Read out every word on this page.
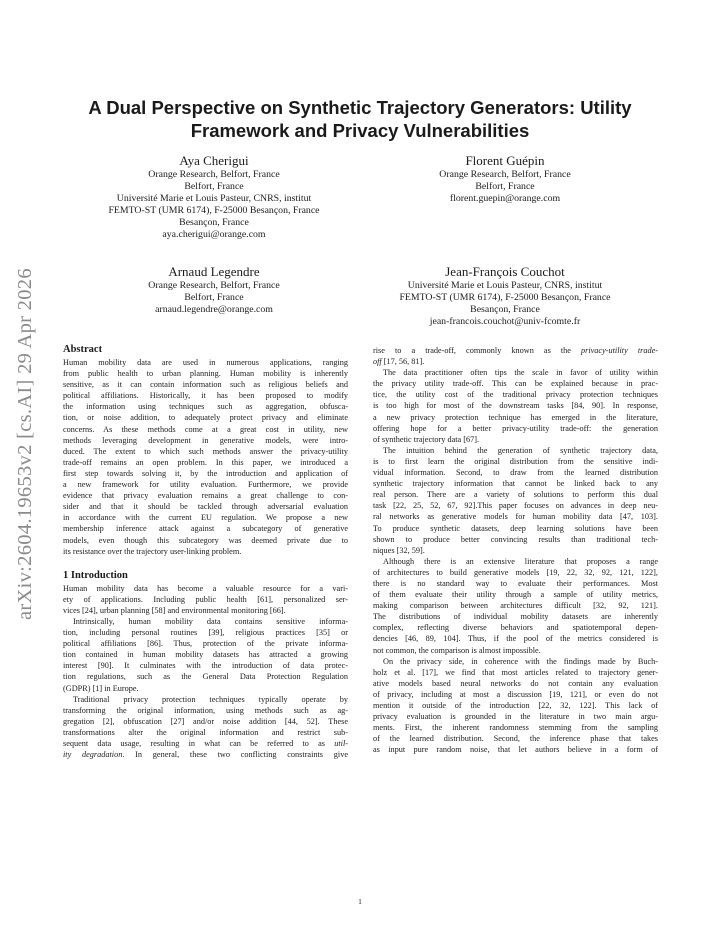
A Dual Perspective on Synthetic Trajectory Generators: Utility
Framework and Privacy Vulnerabilities
Aya Cherigui
Orange Research, Belfort, France
Belfort, France
Université Marie et Louis Pasteur, CNRS, institut
FEMTO-ST (UMR 6174), F-25000 Besançon, France
Besançon, France
aya.cherigui@orange.com
Florent Guépin
Orange Research, Belfort, France
Belfort, France
florent.guepin@orange.com
Arnaud Legendre
Orange Research, Belfort, France
Belfort, France
arnaud.legendre@orange.com
Jean-François Couchot
Université Marie et Louis Pasteur, CNRS, institut
FEMTO-ST (UMR 6174), F-25000 Besançon, France
Besançon, France
jean-francois.couchot@univ-fcomte.fr
arXiv:2604.19653v2 [cs.AI] 29 Apr 2026	Abstract
Human mobility data are used in numerous applications, ranging
from public health to urban planning. Human mobility is inherently
sensitive, as it can contain information such as religious beliefs and
political affiliations. Historically, it has been proposed to modify
the information using techniques such as aggregation, obfusca-
tion, or noise addition, to adequately protect privacy and eliminate
concerns. As these methods come at a great cost in utility, new
methods leveraging development in generative models, were intro-
duced. The extent to which such methods answer the privacy-utility
trade-off remains an open problem. In this paper, we introduced a
first step towards solving it, by the introduction and application of
a new framework for utility evaluation. Furthermore, we provide
evidence that privacy evaluation remains a great challenge to con-
sider and that it should be tackled through adversarial evaluation
in accordance with the current EU regulation. We propose a new
membership inference attack against a subcategory of generative
models, even though this subcategory was deemed private due to
its resistance over the trajectory user-linking problem.
1 Introduction
Human mobility data has become a valuable resource for a vari-
ety of applications. Including public health [61], personalized ser-
vices [24], urban planning [58] and environmental monitoring [66].
Intrinsically, human mobility data contains sensitive informa-
tion, including personal routines [39], religious practices [35] or
political affiliations [86]. Thus, protection of the private informa-
tion contained in human mobility datasets has attracted a growing
interest [90]. It culminates with the introduction of data protec-
tion regulations, such as the General Data Protection Regulation
(GDPR) [1] in Europe.
Traditional privacy protection techniques typically operate by
transforming the original information, using methods such as ag-
gregation [2], obfuscation [27] and/or noise addition [44, 52]. These
transformations alter the original information and restrict sub-
sequent data usage, resulting in what can be referred to as util-
ity degradation. In general, these two conflicting constraints give
rise to a trade-off, commonly known as the privacy-utility trade-
off [17, 56, 81].
The data practitioner often tips the scale in favor of utility within
the privacy utility trade-off. This can be explained because in prac-
tice, the utility cost of the traditional privacy protection techniques
is too high for most of the downstream tasks [84, 90]. In response,
a new privacy protection technique has emerged in the literature,
offering hope for a better privacy-utility trade-off: the generation
of synthetic trajectory data [67].
The intuition behind the generation of synthetic trajectory data,
is to first learn the original distribution from the sensitive indi-
vidual information. Second, to draw from the learned distribution
synthetic trajectory information that cannot be linked back to any
real person. There are a variety of solutions to perform this dual
task [22, 25, 52, 67, 92].This paper focuses on advances in deep neu-
ral networks as generative models for human mobility data [47, 103].
To produce synthetic datasets, deep learning solutions have been
shown to produce better convincing results than traditional tech-
niques [32, 59].
Although there is an extensive literature that proposes a range
of architectures to build generative models [19, 22, 32, 92, 121, 122],
there is no standard way to evaluate their performances. Most
of them evaluate their utility through a sample of utility metrics,
making comparison between architectures difficult [32, 92, 121].
The distributions of individual mobility datasets are inherently
complex, reflecting diverse behaviors and spatiotemporal depen-
dencies [46, 89, 104]. Thus, if the pool of the metrics considered is
not common, the comparison is almost impossible.
On the privacy side, in coherence with the findings made by Buch-
holz et al. [17], we find that most articles related to trajectory gener-
ative models based neural networks do not contain any evaluation
of privacy, including at most a discussion [19, 121], or even do not
mention it outside of the introduction [22, 32, 122]. This lack of
privacy evaluation is grounded in the literature in two main argu-
ments. First, the inherent randomness stemming from the sampling
of the learned distribution. Second, the inference phase that takes
as input pure random noise, that let authors believe in a form of
1
